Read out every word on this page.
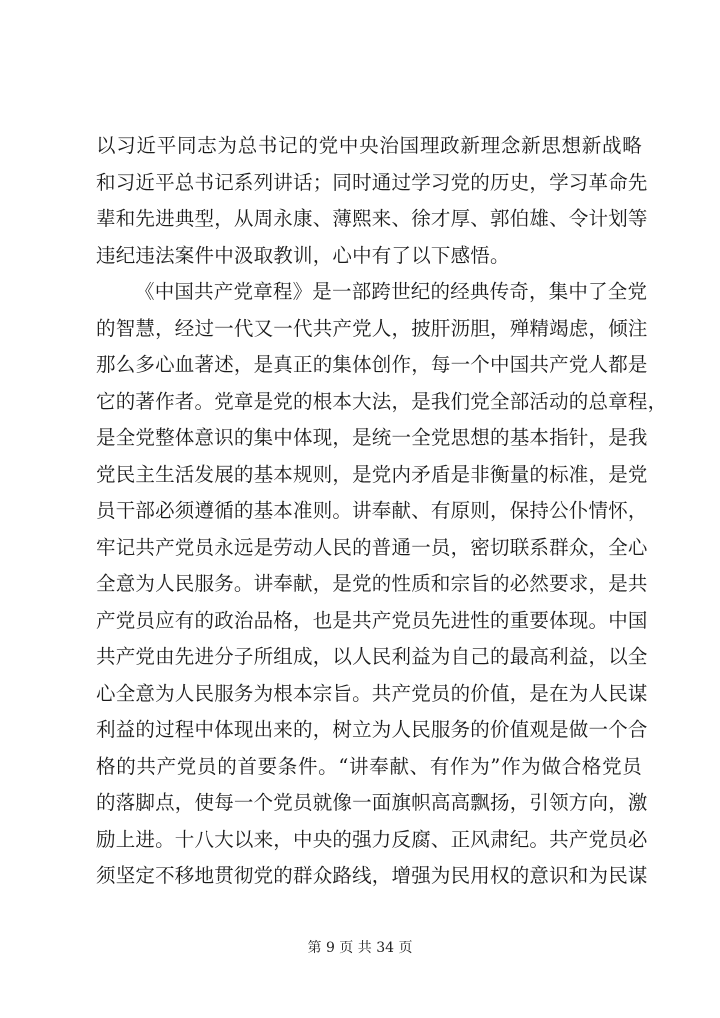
以习近平同志为总书记的党中央治国理政新理念新思想新战略
和习近平总书记系列讲话；同时通过学习党的历史，学习革命先
辈和先进典型，从周永康、薄熙来、徐才厚、郭伯雄、令计划等
违纪违法案件中汲取教训，心中有了以下感悟。
《中国共产党章程》是一部跨世纪的经典传奇，集中了全党
的智慧，经过一代又一代共产党人，披肝沥胆，殚精竭虑，倾注
那么多心血著述，是真正的集体创作，每一个中国共产党人都是
它的著作者。党章是党的根本大法，是我们党全部活动的总章程，
是全党整体意识的集中体现，是统一全党思想的基本指针，是我
党民主生活发展的基本规则，是党内矛盾是非衡量的标准，是党
员干部必须遵循的基本准则。讲奉献、有原则，保持公仆情怀，
牢记共产党员永远是劳动人民的普通一员，密切联系群众，全心
全意为人民服务。讲奉献，是党的性质和宗旨的必然要求，是共
产党员应有的政治品格，也是共产党员先进性的重要体现。中国
共产党由先进分子所组成，以人民利益为自己的最高利益，以全
心全意为人民服务为根本宗旨。共产党员的价值，是在为人民谋
利益的过程中体现出来的，树立为人民服务的价值观是做一个合
格的共产党员的首要条件。“讲奉献、有作为”作为做合格党员
的落脚点，使每一个党员就像一面旗帜高高飘扬，引领方向，激
励上进。十八大以来，中央的强力反腐、正风肃纪。共产党员必
须坚定不移地贯彻党的群众路线，增强为民用权的意识和为民谋
第 9 页 共 34 页
